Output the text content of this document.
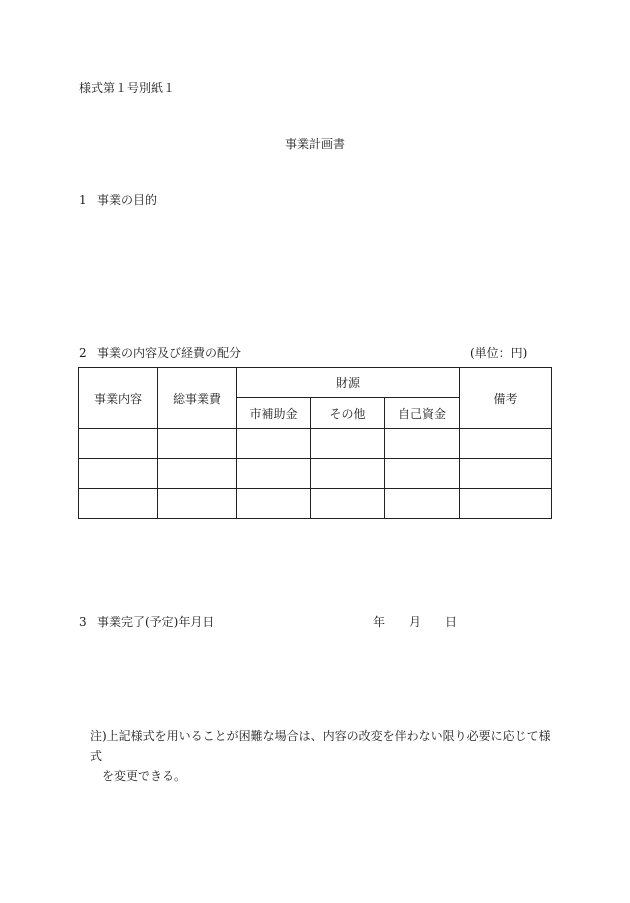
様式第１号別紙１
事業計画書
1 事業の目的
2 事業の内容及び経費の配分	(単位：円)
事業内容	総事業費	財源			備考
		市補助金	その他	自己資金	

3 事業完了(予定)年月日	年 月 日
注)上記様式を用いることが困難な場合は、内容の改変を伴わない限り必要に応じて様式
を変更できる。
